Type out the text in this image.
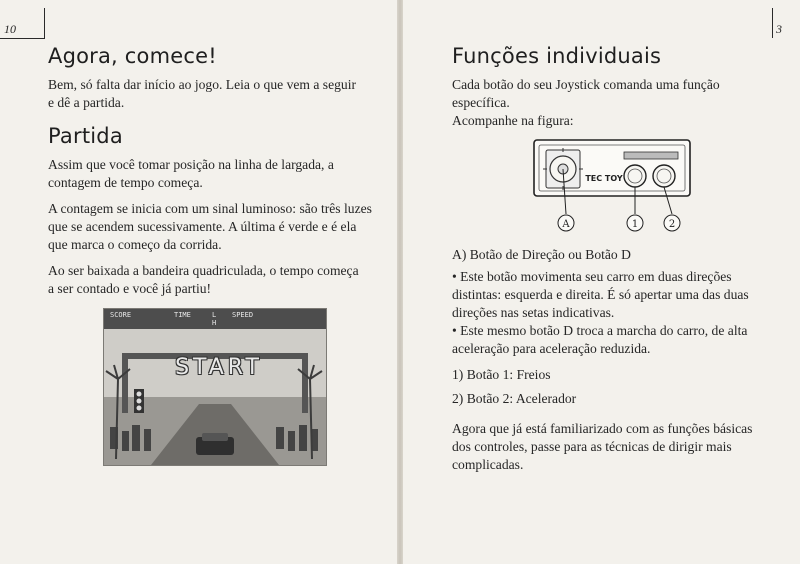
10
Agora, comece!

Bem, só falta dar início ao jogo. Leia o que vem a seguir e dê a partida.

Partida

Assim que você tomar posição na linha de largada, a contagem de tempo começa.

A contagem se inicia com um sinal luminoso: são três luzes que se acendem sucessivamente. A última é verde e é ela que marca o começo da corrida.

Ao ser baixada a bandeira quadriculada, o tempo começa a ser contado e você já partiu!

SCORE	TIME	L
H
SPEED
START
3
Funções individuais

Cada botão do seu Joystick comanda uma função específica.

Acompanhe na figura:

TEC TOY
A	1	2

A) Botão de Direção ou Botão D

• Este botão movimenta seu carro em duas direções distintas: esquerda e direita. É só apertar uma das duas direções nas setas indicativas.

• Este mesmo botão D troca a marcha do carro, de alta aceleração para aceleração reduzida.

1) Botão 1: Freios

2) Botão 2: Acelerador

Agora que já está familiarizado com as funções básicas dos controles, passe para as técnicas de dirigir mais complicadas.
